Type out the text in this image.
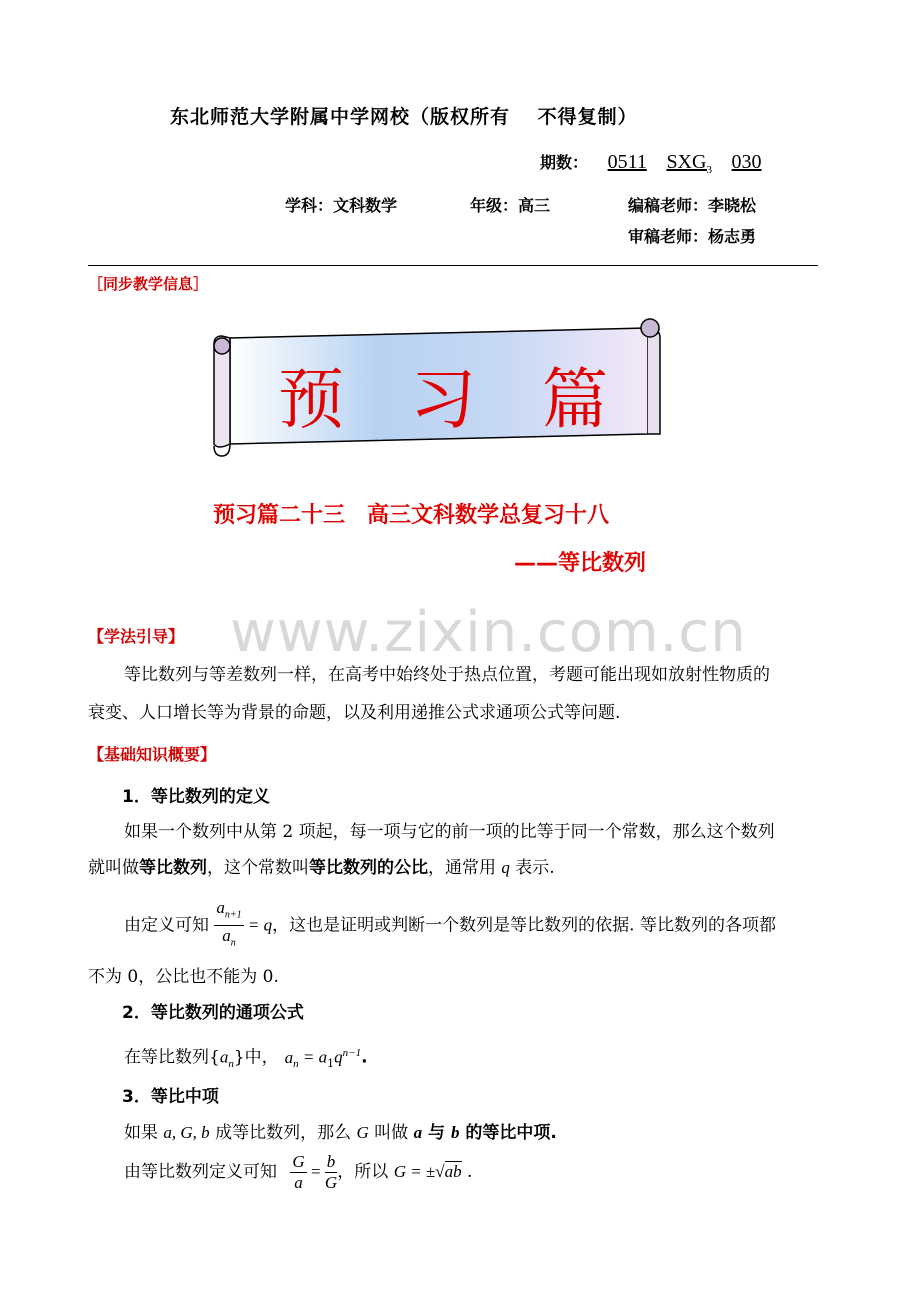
东北师范大学附属中学网校（版权所有　 不得复制）
期数： 0511 $SXG_3$ 030
学科：文科数学	年级：高三	编稿老师：李晓松
审稿老师：杨志勇
［同步教学信息］
预　习　篇
预习篇二十三　高三文科数学总复习十八
——等比数列
www.zixin.com.cn
【学法引导】
等比数列与等差数列一样，在高考中始终处于热点位置，考题可能出现如放射性物质的
衰变、人口增长等为背景的命题，以及利用递推公式求通项公式等问题.
【基础知识概要】
1．等比数列的定义
如果一个数列中从第 2 项起，每一项与它的前一项的比等于同一个常数，那么这个数列
就叫做等比数列，这个常数叫等比数列的公比，通常用 q 表示.
由定义可知 $\frac{a_{n+1}}{a_n} = q$，这也是证明或判断一个数列是等比数列的依据. 等比数列的各项都
不为 0，公比也不能为 0.
2．等比数列的通项公式
在等比数列$\{a_n\}$中， $a_n = a_1q^{n-1}$.
3．等比中项
如果 a, G, b 成等比数列，那么 G 叫做 a 与 b 的等比中项.
由等比数列定义可知 $\frac{G}{a} = \frac{b}{G}$ ，所以 G = ±√ab .
